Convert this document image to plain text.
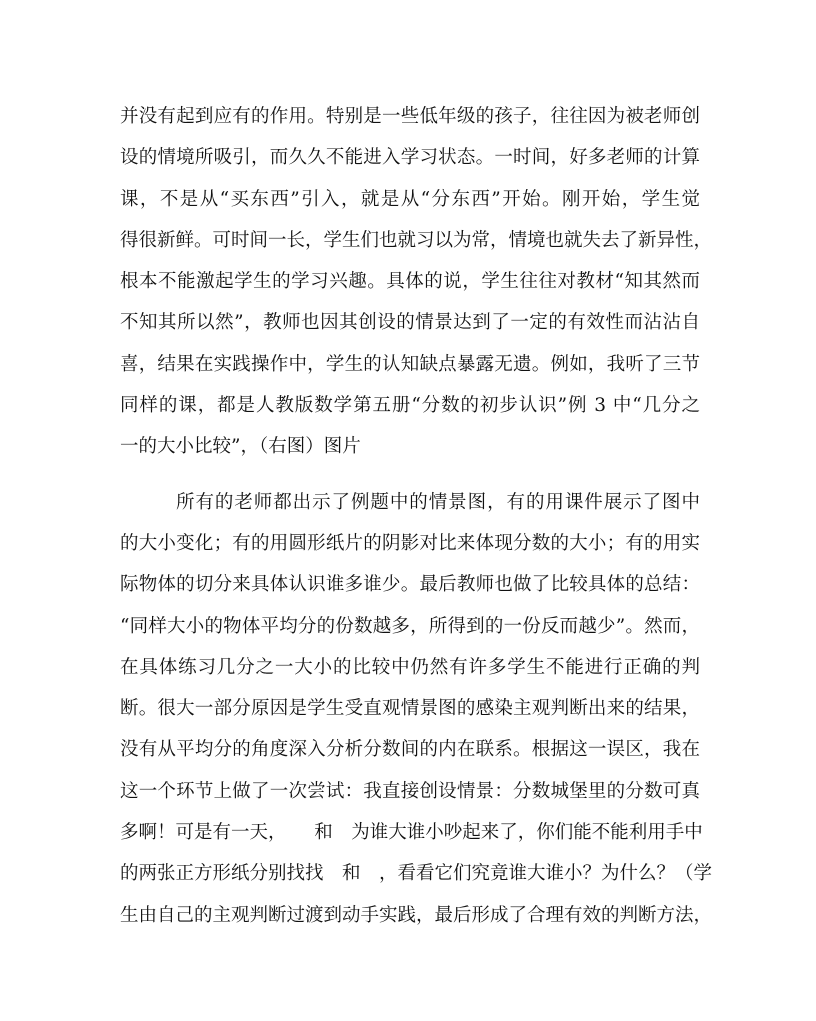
并没有起到应有的作用。特别是一些低年级的孩子，往往因为被老师创
设的情境所吸引，而久久不能进入学习状态。一时间，好多老师的计算
课，不是从“买东西”引入，就是从“分东西”开始。刚开始，学生觉
得很新鲜。可时间一长，学生们也就习以为常，情境也就失去了新异性，
根本不能激起学生的学习兴趣。具体的说，学生往往对教材“知其然而
不知其所以然”，教师也因其创设的情景达到了一定的有效性而沾沾自
喜，结果在实践操作中，学生的认知缺点暴露无遗。例如，我听了三节
同样的课，都是人教版数学第五册“分数的初步认识”例 3 中“几分之
一的大小比较”，（右图）图片
所有的老师都出示了例题中的情景图，有的用课件展示了图中
的大小变化；有的用圆形纸片的阴影对比来体现分数的大小；有的用实
际物体的切分来具体认识谁多谁少。最后教师也做了比较具体的总结：
“同样大小的物体平均分的份数越多，所得到的一份反而越少”。然而，
在具体练习几分之一大小的比较中仍然有许多学生不能进行正确的判
断。很大一部分原因是学生受直观情景图的感染主观判断出来的结果，
没有从平均分的角度深入分析分数间的内在联系。根据这一误区，我在
这一个环节上做了一次尝试：我直接创设情景：分数城堡里的分数可真
多啊！可是有一天，　　和　为谁大谁小吵起来了，你们能不能利用手中
的两张正方形纸分别找找　和　，看看它们究竟谁大谁小？为什么？（学
生由自己的主观判断过渡到动手实践，最后形成了合理有效的判断方法，
